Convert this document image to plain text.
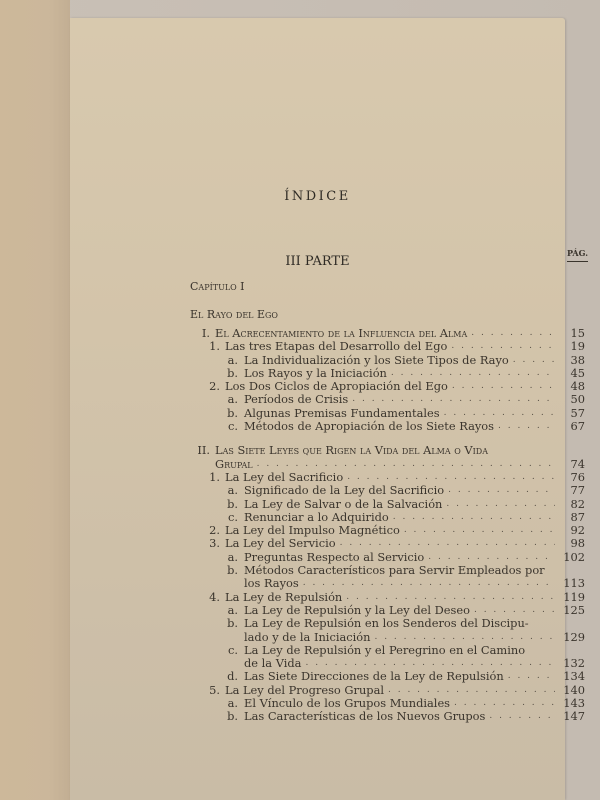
ÍNDICE
III PARTE
PÁG.
Capítulo I
El Rayo del Ego
I. El Acrecentamiento de la Influencia del Alma . . .	15
1. Las tres Etapas del Desarrollo del Ego . . .	19
a. La Individualización y los Siete Tipos de Rayo . . .	38
b. Los Rayos y la Iniciación . . .	45
2. Los Dos Ciclos de Apropiación del Ego . . .	48
a. Períodos de Crisis . . .	50
b. Algunas Premisas Fundamentales . . .	57
c. Métodos de Apropiación de los Siete Rayos . . .	67
II. Las Siete Leyes que Rigen la Vida del Alma o Vida
Grupal . . .	74
1. La Ley del Sacrificio . . .	76
a. Significado de la Ley del Sacrificio . . .	77
b. La Ley de Salvar o de la Salvación . . .	82
c. Renunciar a lo Adquirido . . .	87
2. La Ley del Impulso Magnético . . .	92
3. La Ley del Servicio . . .	98
a. Preguntas Respecto al Servicio . . .	102
b. Métodos Característicos para Servir Empleados por
los Rayos . . .	113
4. La Ley de Repulsión . . .	119
a. La Ley de Repulsión y la Ley del Deseo . . .	125
b. La Ley de Repulsión en los Senderos del Discipu-
lado y de la Iniciación . . .	129
c. La Ley de Repulsión y el Peregrino en el Camino
de la Vida . . .	132
d. Las Siete Direcciones de la Ley de Repulsión . . .	134
5. La Ley del Progreso Grupal . . .	140
a. El Vínculo de los Grupos Mundiales . . .	143
b. Las Características de los Nuevos Grupos . . .	147
